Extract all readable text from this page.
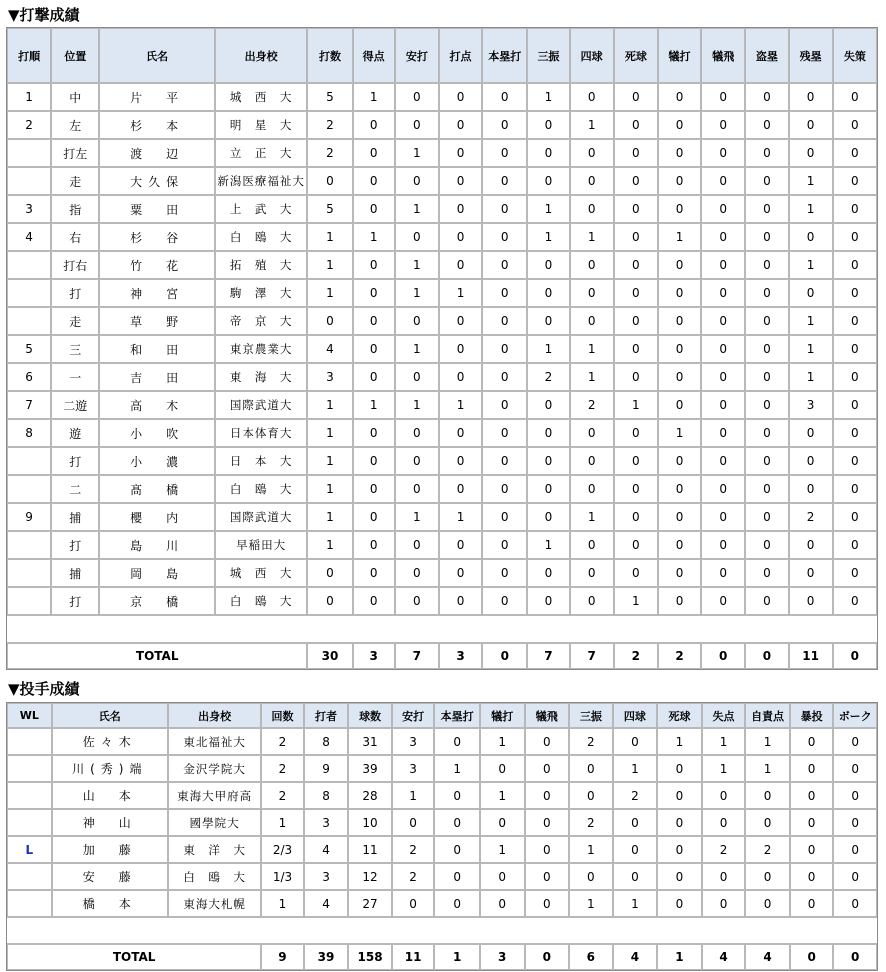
▼打撃成績
打順	位置	氏名	出身校	打数	得点	安打	打点	本塁打	三振	四球	死球	犠打	犠飛	盗塁	残塁	失策
1	中	片　平	城　西　大	5	1	0	0	0	1	0	0	0	0	0	0	0
2	左	杉　本	明　星　大	2	0	0	0	0	0	1	0	0	0	0	0	0
	打左	渡　辺	立　正　大	2	0	1	0	0	0	0	0	0	0	0	0	0
	走	大久保	新潟医療福祉大	0	0	0	0	0	0	0	0	0	0	0	1	0
3	指	粟　田	上　武　大	5	0	1	0	0	1	0	0	0	0	0	1	0
4	右	杉　谷	白　鴎　大	1	1	0	0	0	1	1	0	1	0	0	0	0
	打右	竹　花	拓　殖　大	1	0	1	0	0	0	0	0	0	0	0	1	0
	打	神　宮	駒　澤　大	1	0	1	1	0	0	0	0	0	0	0	0	0
	走	草　野	帝　京　大	0	0	0	0	0	0	0	0	0	0	0	1	0
5	三	和　田	東京農業大	4	0	1	0	0	1	1	0	0	0	0	1	0
6	一	吉　田	東　海　大	3	0	0	0	0	2	1	0	0	0	0	1	0
7	二遊	高　木	国際武道大	1	1	1	1	0	0	2	1	0	0	0	3	0
8	遊	小　吹	日本体育大	1	0	0	0	0	0	0	0	1	0	0	0	0
	打	小　濃	日　本　大	1	0	0	0	0	0	0	0	0	0	0	0	0
	二	髙　橋	白　鴎　大	1	0	0	0	0	0	0	0	0	0	0	0	0
9	捕	櫻　内	国際武道大	1	0	1	1	0	0	1	0	0	0	0	2	0
	打	島　川	早稲田大	1	0	0	0	0	1	0	0	0	0	0	0	0
	捕	岡　島	城　西　大	0	0	0	0	0	0	0	0	0	0	0	0	0
	打	京　橋	白　鴎　大	0	0	0	0	0	0	0	1	0	0	0	0	0

TOTAL				30	3	7	3	0	7	7	2	2	0	0	11	0
▼投手成績
WL	氏名	出身校	回数	打者	球数	安打	本塁打	犠打	犠飛	三振	四球	死球	失点	自責点	暴投	ボーク
	佐々木	東北福祉大	2	8	31	3	0	1	0	2	0	1	1	1	0	0
	川(秀)端	金沢学院大	2	9	39	3	1	0	0	0	1	0	1	1	0	0
	山　本	東海大甲府高	2	8	28	1	0	1	0	0	2	0	0	0	0	0
	神　山	國學院大	1	3	10	0	0	0	0	2	0	0	0	0	0	0
L	加　藤	東　洋　大	2/3	4	11	2	0	1	0	1	0	0	2	2	0	0
	安　藤	白　鴎　大	1/3	3	12	2	0	0	0	0	0	0	0	0	0	0
	橋　本	東海大札幌	1	4	27	0	0	0	0	1	1	0	0	0	0	0

TOTAL			9	39	158	11	1	3	0	6	4	1	4	4	0	0
